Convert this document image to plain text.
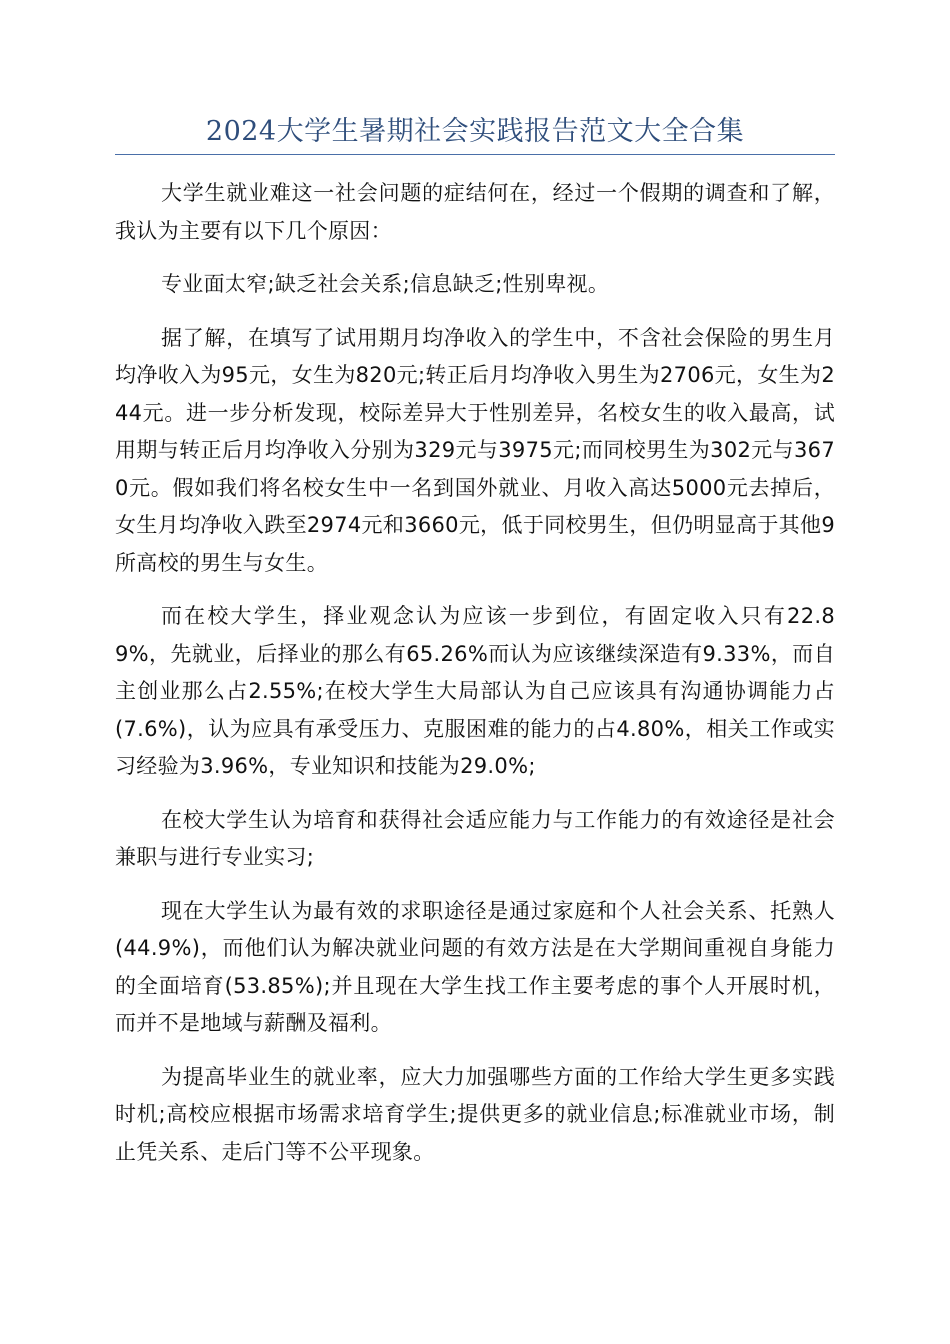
2024大学生暑期社会实践报告范文大全合集

大学生就业难这一社会问题的症结何在，经过一个假期的调查和了解，我认为主要有以下几个原因：

专业面太窄;缺乏社会关系;信息缺乏;性别卑视。

据了解，在填写了试用期月均净收入的学生中，不含社会保险的男生月均净收入为95元，女生为820元;转正后月均净收入男生为2706元，女生为244元。进一步分析发现，校际差异大于性别差异，名校女生的收入最高，试用期与转正后月均净收入分别为329元与3975元;而同校男生为302元与3670元。假如我们将名校女生中一名到国外就业、月收入高达5000元去掉后，女生月均净收入跌至2974元和3660元，低于同校男生，但仍明显高于其他9所高校的男生与女生。

而在校大学生，择业观念认为应该一步到位，有固定收入只有22.89%，先就业，后择业的那么有65.26%而认为应该继续深造有9.33%，而自主创业那么占2.55%;在校大学生大局部认为自己应该具有沟通协调能力占(7.6%)，认为应具有承受压力、克服困难的能力的占4.80%，相关工作或实习经验为3.96%，专业知识和技能为29.0%;

在校大学生认为培育和获得社会适应能力与工作能力的有效途径是社会兼职与进行专业实习;

现在大学生认为最有效的求职途径是通过家庭和个人社会关系、托熟人(44.9%)，而他们认为解决就业问题的有效方法是在大学期间重视自身能力的全面培育(53.85%);并且现在大学生找工作主要考虑的事个人开展时机，而并不是地域与薪酬及福利。

为提高毕业生的就业率，应大力加强哪些方面的工作给大学生更多实践时机;高校应根据市场需求培育学生;提供更多的就业信息;标准就业市场，制止凭关系、走后门等不公平现象。
